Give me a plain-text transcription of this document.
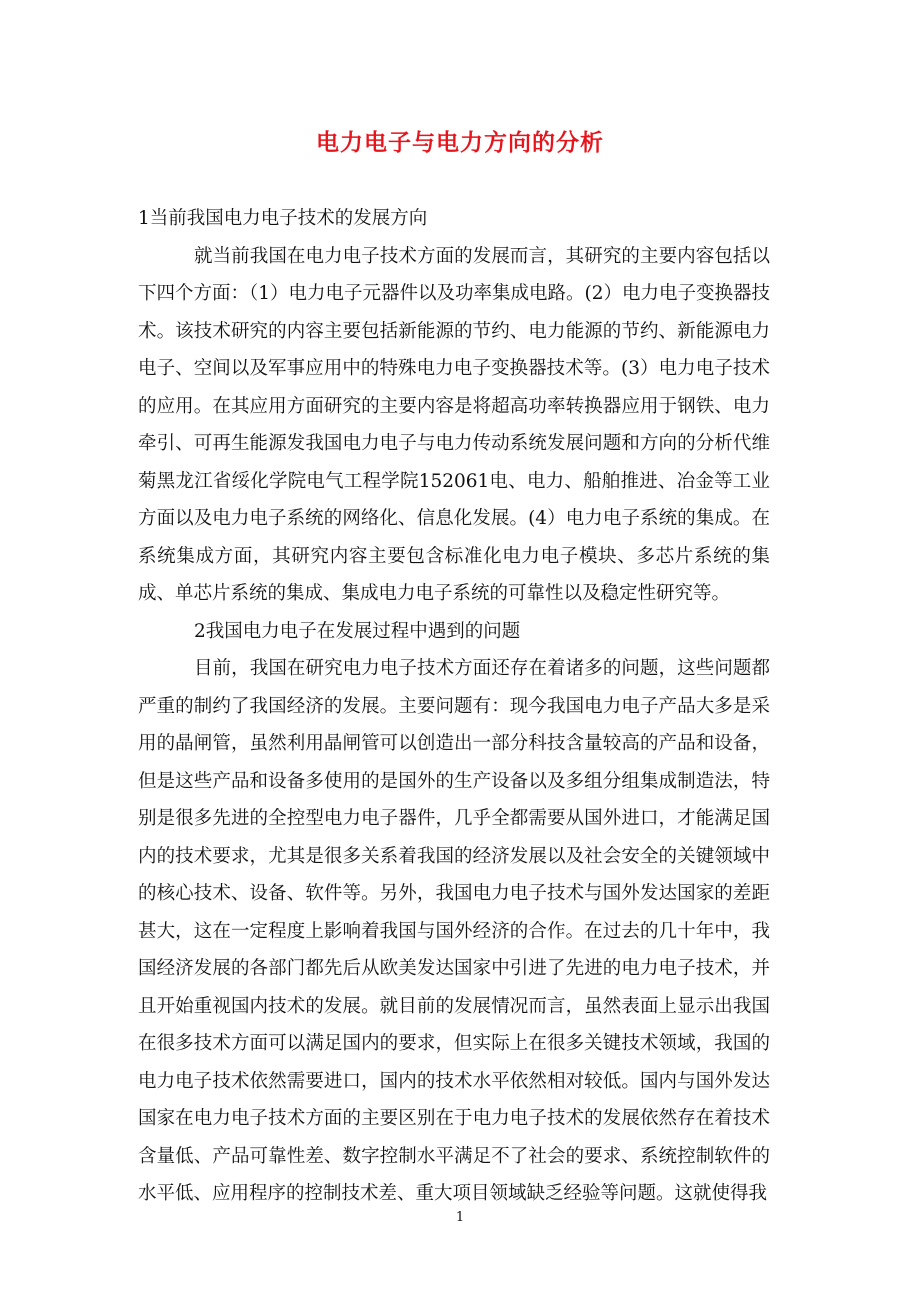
电力电子与电力方向的分析

1当前我国电力电子技术的发展方向

就当前我国在电力电子技术方面的发展而言，其研究的主要内容包括以下四个方面：（1）电力电子元器件以及功率集成电路。(2）电力电子变换器技术。该技术研究的内容主要包括新能源的节约、电力能源的节约、新能源电力电子、空间以及军事应用中的特殊电力电子变换器技术等。(3）电力电子技术的应用。在其应用方面研究的主要内容是将超高功率转换器应用于钢铁、电力牵引、可再生能源发我国电力电子与电力传动系统发展问题和方向的分析代维菊黑龙江省绥化学院电气工程学院152061电、电力、船舶推进、冶金等工业方面以及电力电子系统的网络化、信息化发展。(4）电力电子系统的集成。在系统集成方面，其研究内容主要包含标准化电力电子模块、多芯片系统的集成、单芯片系统的集成、集成电力电子系统的可靠性以及稳定性研究等。

2我国电力电子在发展过程中遇到的问题

目前，我国在研究电力电子技术方面还存在着诸多的问题，这些问题都严重的制约了我国经济的发展。主要问题有：现今我国电力电子产品大多是采用的晶闸管，虽然利用晶闸管可以创造出一部分科技含量较高的产品和设备，但是这些产品和设备多使用的是国外的生产设备以及多组分组集成制造法，特别是很多先进的全控型电力电子器件，几乎全都需要从国外进口，才能满足国内的技术要求，尤其是很多关系着我国的经济发展以及社会安全的关键领域中的核心技术、设备、软件等。另外，我国电力电子技术与国外发达国家的差距甚大，这在一定程度上影响着我国与国外经济的合作。在过去的几十年中，我国经济发展的各部门都先后从欧美发达国家中引进了先进的电力电子技术，并且开始重视国内技术的发展。就目前的发展情况而言，虽然表面上显示出我国在很多技术方面可以满足国内的要求，但实际上在很多关键技术领域，我国的电力电子技术依然需要进口，国内的技术水平依然相对较低。国内与国外发达国家在电力电子技术方面的主要区别在于电力电子技术的发展依然存在着技术含量低、产品可靠性差、数字控制水平满足不了社会的要求、系统控制软件的水平低、应用程序的控制技术差、重大项目领域缺乏经验等问题。这就使得我

1
